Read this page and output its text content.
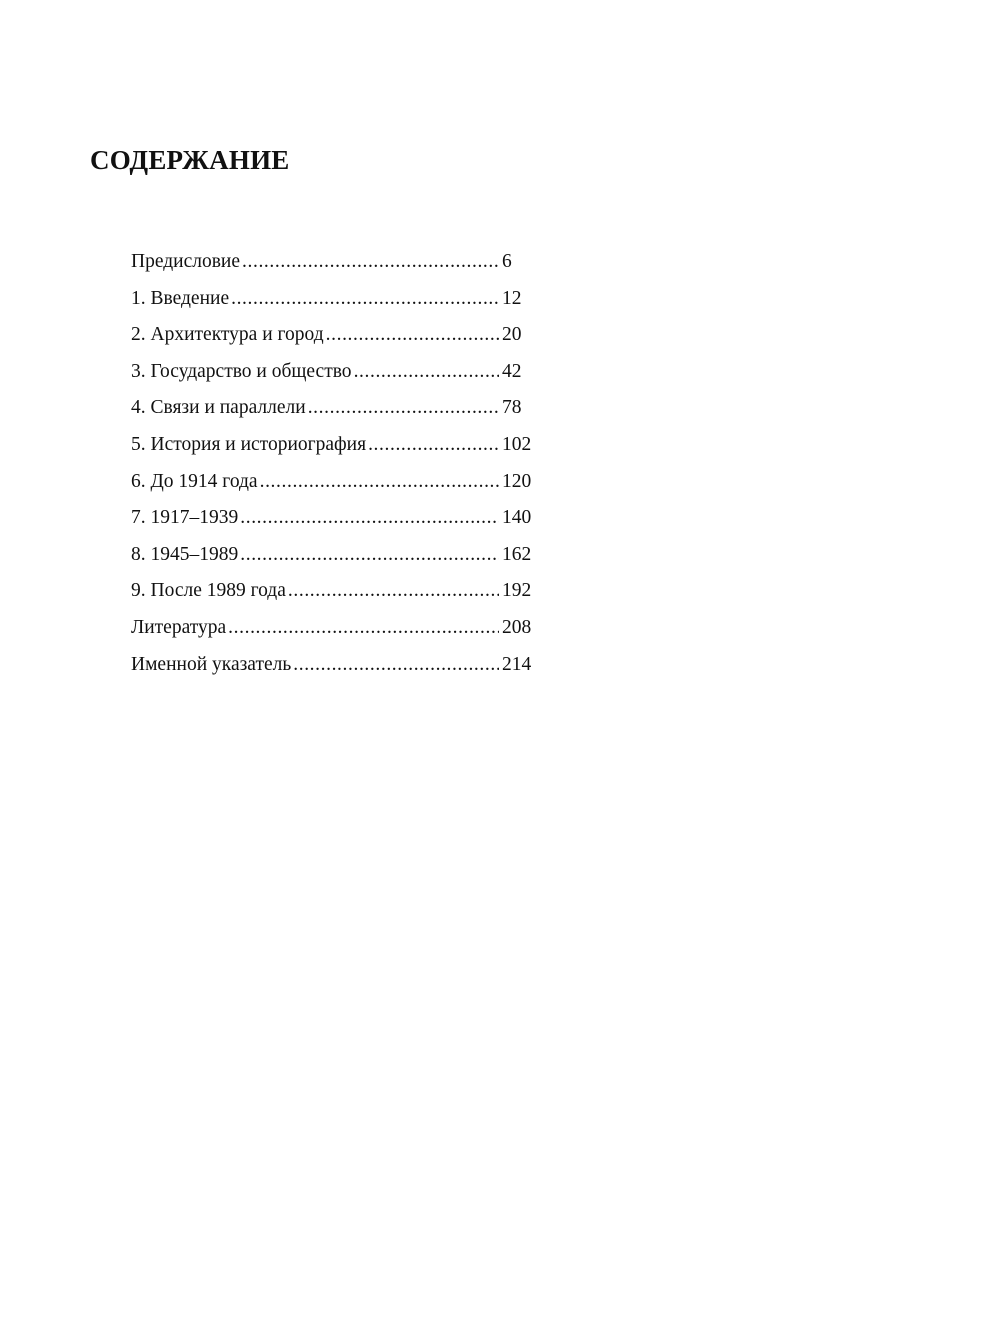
СОДЕРЖАНИЕ
Предисловие .....	6
1. Введение .....	12
2. Архитектура и город .....	20
3. Государство и общество .....	42
4. Связи и параллели .....	78
5. История и историография .....	102
6. До 1914 года .....	120
7. 1917–1939 .....	140
8. 1945–1989 .....	162
9. После 1989 года .....	192
Литература .....	208
Именной указатель .....	214
